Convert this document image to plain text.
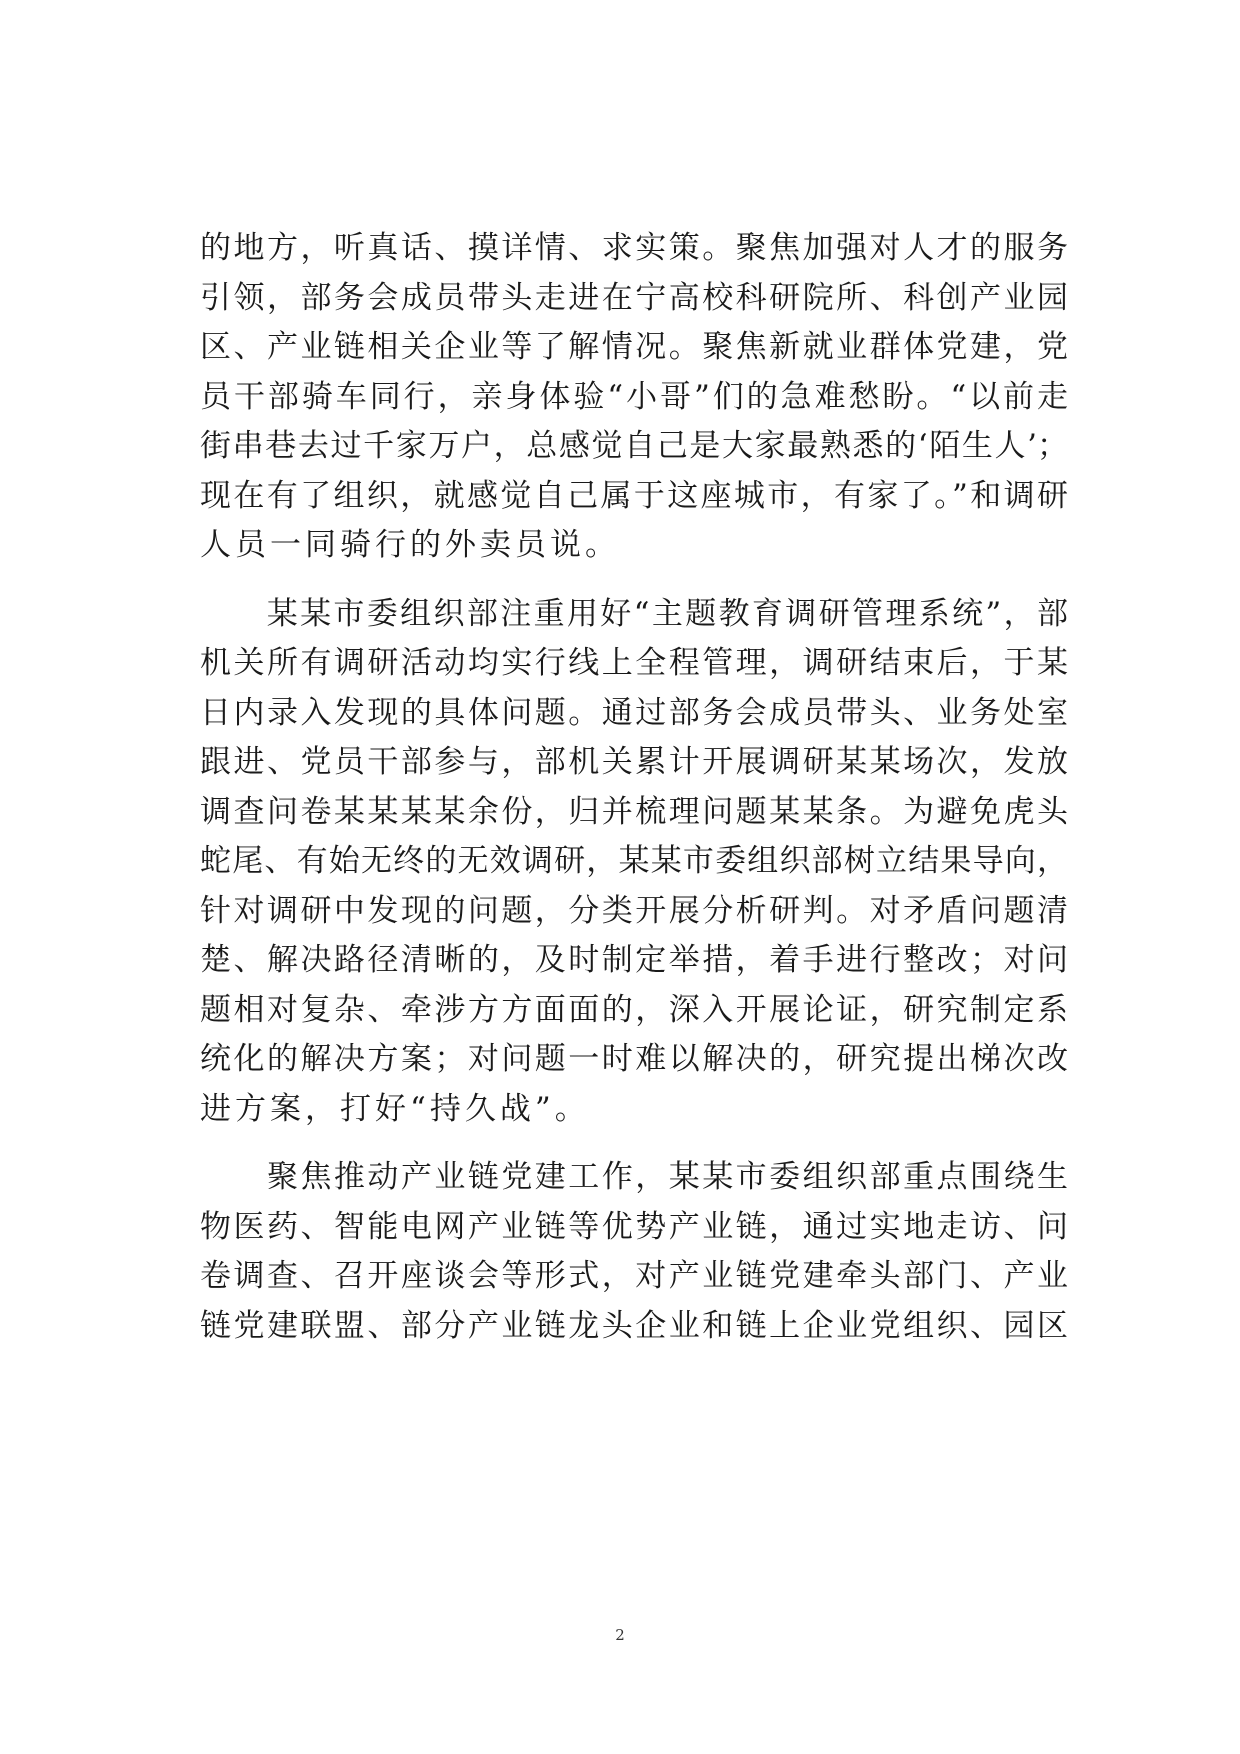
的地方，听真话、摸详情、求实策。聚焦加强对人才的服务
引领，部务会成员带头走进在宁高校科研院所、科创产业园
区、产业链相关企业等了解情况。聚焦新就业群体党建，党
员干部骑车同行，亲身体验“小哥”们的急难愁盼。“以前走
街串巷去过千家万户，总感觉自己是大家最熟悉的‘陌生人’；
现在有了组织，就感觉自己属于这座城市，有家了。”和调研
人员一同骑行的外卖员说。
　　某某市委组织部注重用好“主题教育调研管理系统”，部
机关所有调研活动均实行线上全程管理，调研结束后，于某
日内录入发现的具体问题。通过部务会成员带头、业务处室
跟进、党员干部参与，部机关累计开展调研某某场次，发放
调查问卷某某某某余份，归并梳理问题某某条。为避免虎头
蛇尾、有始无终的无效调研，某某市委组织部树立结果导向，
针对调研中发现的问题，分类开展分析研判。对矛盾问题清
楚、解决路径清晰的，及时制定举措，着手进行整改；对问
题相对复杂、牵涉方方面面的，深入开展论证，研究制定系
统化的解决方案；对问题一时难以解决的，研究提出梯次改
进方案，打好“持久战”。
　　聚焦推动产业链党建工作，某某市委组织部重点围绕生
物医药、智能电网产业链等优势产业链，通过实地走访、问
卷调查、召开座谈会等形式，对产业链党建牵头部门、产业
链党建联盟、部分产业链龙头企业和链上企业党组织、园区
2
